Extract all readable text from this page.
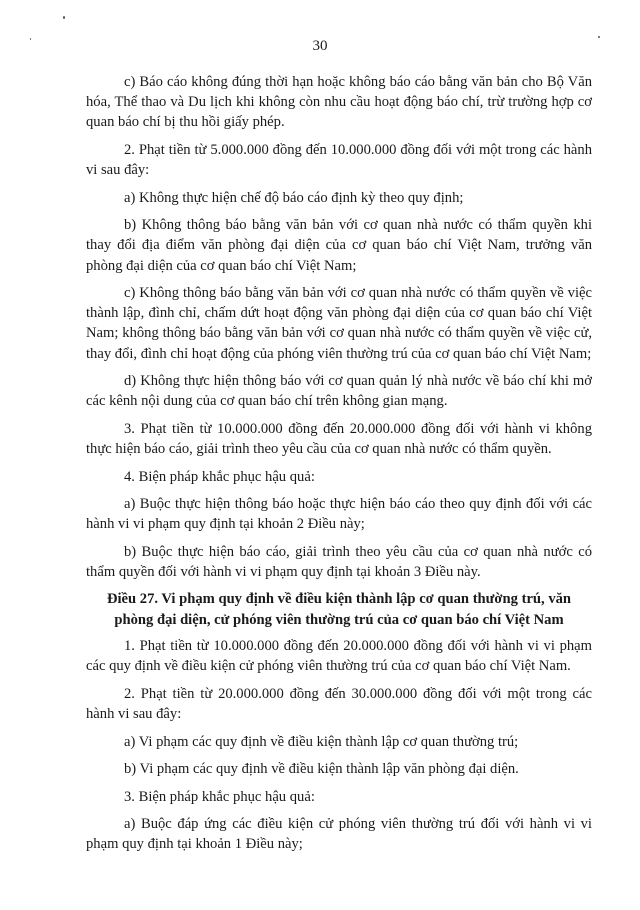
30

c) Báo cáo không đúng thời hạn hoặc không báo cáo bằng văn bản cho Bộ Văn hóa, Thể thao và Du lịch khi không còn nhu cầu hoạt động báo chí, trừ trường hợp cơ quan báo chí bị thu hồi giấy phép.

2. Phạt tiền từ 5.000.000 đồng đến 10.000.000 đồng đối với một trong các hành vi sau đây:

a) Không thực hiện chế độ báo cáo định kỳ theo quy định;

b) Không thông báo bằng văn bản với cơ quan nhà nước có thẩm quyền khi thay đổi địa điểm văn phòng đại diện của cơ quan báo chí Việt Nam, trưởng văn phòng đại diện của cơ quan báo chí Việt Nam;

c) Không thông báo bằng văn bản với cơ quan nhà nước có thẩm quyền về việc thành lập, đình chỉ, chấm dứt hoạt động văn phòng đại diện của cơ quan báo chí Việt Nam; không thông báo bằng văn bản với cơ quan nhà nước có thẩm quyền về việc cử, thay đổi, đình chỉ hoạt động của phóng viên thường trú của cơ quan báo chí Việt Nam;

d) Không thực hiện thông báo với cơ quan quản lý nhà nước về báo chí khi mở các kênh nội dung của cơ quan báo chí trên không gian mạng.

3. Phạt tiền từ 10.000.000 đồng đến 20.000.000 đồng đối với hành vi không thực hiện báo cáo, giải trình theo yêu cầu của cơ quan nhà nước có thẩm quyền.

4. Biện pháp khắc phục hậu quả:

a) Buộc thực hiện thông báo hoặc thực hiện báo cáo theo quy định đối với các hành vi vi phạm quy định tại khoản 2 Điều này;

b) Buộc thực hiện báo cáo, giải trình theo yêu cầu của cơ quan nhà nước có thẩm quyền đối với hành vi vi phạm quy định tại khoản 3 Điều này.

Điều 27. Vi phạm quy định về điều kiện thành lập cơ quan thường trú, văn phòng đại diện, cử phóng viên thường trú của cơ quan báo chí Việt Nam

1. Phạt tiền từ 10.000.000 đồng đến 20.000.000 đồng đối với hành vi vi phạm các quy định về điều kiện cử phóng viên thường trú của cơ quan báo chí Việt Nam.

2. Phạt tiền từ 20.000.000 đồng đến 30.000.000 đồng đối với một trong các hành vi sau đây:

a) Vi phạm các quy định về điều kiện thành lập cơ quan thường trú;

b) Vi phạm các quy định về điều kiện thành lập văn phòng đại diện.

3. Biện pháp khắc phục hậu quả:

a) Buộc đáp ứng các điều kiện cử phóng viên thường trú đối với hành vi vi phạm quy định tại khoản 1 Điều này;
